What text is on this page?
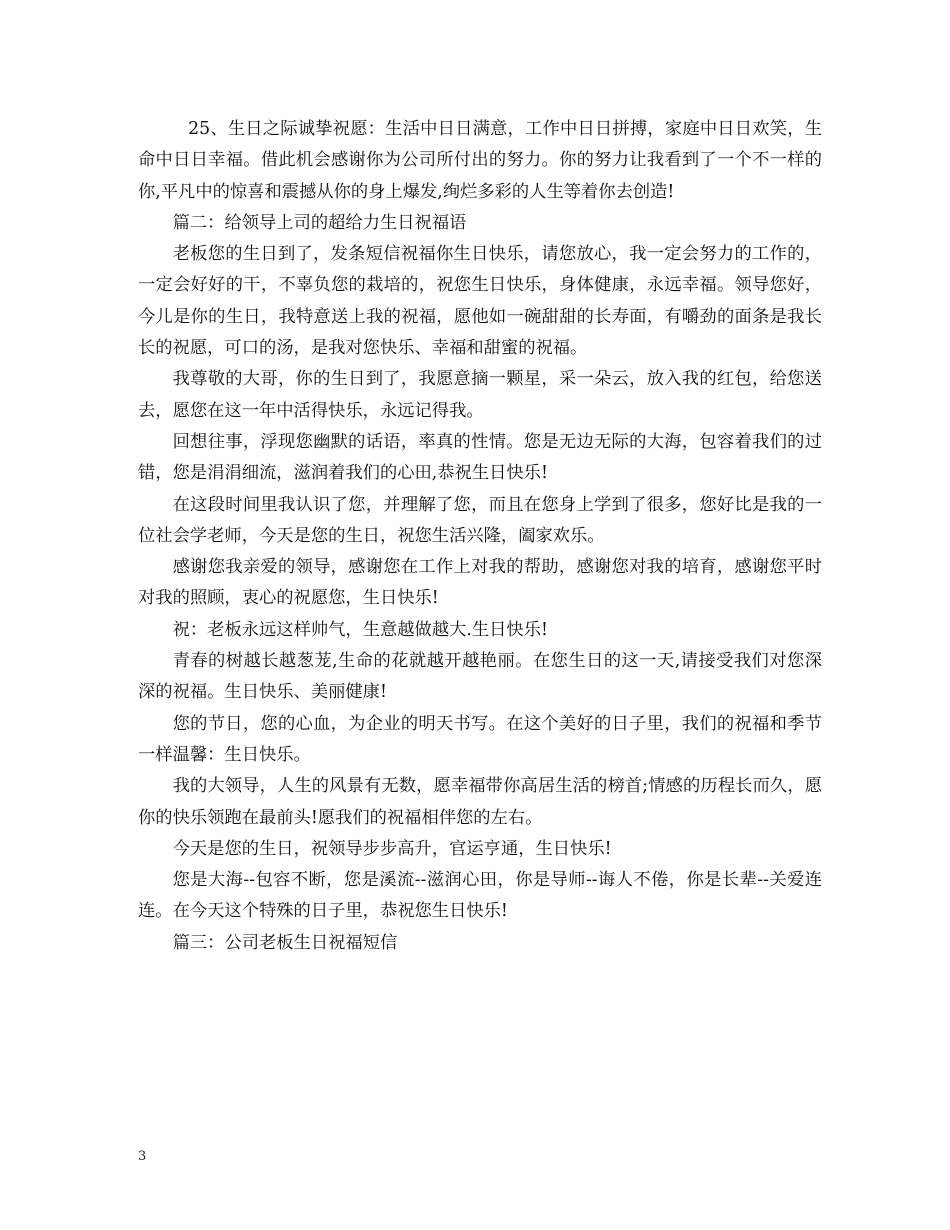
25、生日之际诚挚祝愿：生活中日日满意，工作中日日拼搏，家庭中日日欢笑，生命中日日幸福。借此机会感谢你为公司所付出的努力。你的努力让我看到了一个不一样的你,平凡中的惊喜和震撼从你的身上爆发,绚烂多彩的人生等着你去创造!

篇二：给领导上司的超给力生日祝福语

老板您的生日到了，发条短信祝福你生日快乐，请您放心，我一定会努力的工作的，一定会好好的干，不辜负您的栽培的，祝您生日快乐，身体健康，永远幸福。领导您好，今儿是你的生日，我特意送上我的祝福，愿他如一碗甜甜的长寿面，有嚼劲的面条是我长长的祝愿，可口的汤，是我对您快乐、幸福和甜蜜的祝福。

我尊敬的大哥，你的生日到了，我愿意摘一颗星，采一朵云，放入我的红包，给您送去，愿您在这一年中活得快乐，永远记得我。

回想往事，浮现您幽默的话语，率真的性情。您是无边无际的大海，包容着我们的过错，您是涓涓细流，滋润着我们的心田,恭祝生日快乐!

在这段时间里我认识了您，并理解了您，而且在您身上学到了很多，您好比是我的一位社会学老师，今天是您的生日，祝您生活兴隆，阖家欢乐。

感谢您我亲爱的领导，感谢您在工作上对我的帮助，感谢您对我的培育，感谢您平时对我的照顾，衷心的祝愿您，生日快乐!

祝：老板永远这样帅气，生意越做越大.生日快乐!

青春的树越长越葱茏,生命的花就越开越艳丽。在您生日的这一天,请接受我们对您深深的祝福。生日快乐、美丽健康!

您的节日，您的心血，为企业的明天书写。在这个美好的日子里，我们的祝福和季节一样温馨：生日快乐。

我的大领导，人生的风景有无数，愿幸福带你高居生活的榜首;情感的历程长而久，愿你的快乐领跑在最前头!愿我们的祝福相伴您的左右。

今天是您的生日，祝领导步步高升，官运亨通，生日快乐!

您是大海--包容不断，您是溪流--滋润心田，你是导师--诲人不倦，你是长辈--关爱连连。在今天这个特殊的日子里，恭祝您生日快乐!

篇三：公司老板生日祝福短信

3
